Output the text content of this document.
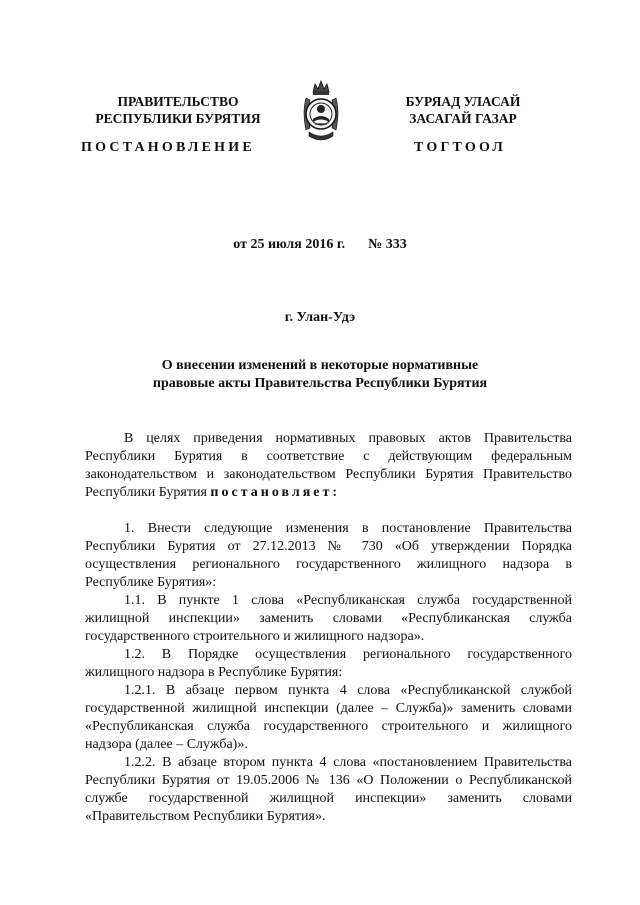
ПРАВИТЕЛЬСТВО
РЕСПУБЛИКИ БУРЯТИЯ
БУРЯАД УЛАСАЙ
ЗАСАГАЙ ГАЗАР
ПОСТАНОВЛЕНИЕ	ТОГТООЛ
от 25 июля 2016 г. № 333
г. Улан-Удэ
О внесении изменений в некоторые нормативные
правовые акты Правительства Республики Бурятия

В целях приведения нормативных правовых актов Правительства Республики Бурятия в соответствие с действующим федеральным законодательством и законодательством Республики Бурятия Правительство Республики Бурятия постановляет:

1. Внести следующие изменения в постановление Правительства Республики Бурятия от 27.12.2013 № 730 «Об утверждении Порядка осуществления регионального государственного жилищного надзора в Республике Бурятия»:

1.1. В пункте 1 слова «Республиканская служба государственной жилищной инспекции» заменить словами «Республиканская служба государственного строительного и жилищного надзора».

1.2. В Порядке осуществления регионального государственного жилищного надзора в Республике Бурятия:

1.2.1. В абзаце первом пункта 4 слова «Республиканской службой государственной жилищной инспекции (далее – Служба)» заменить словами «Республиканская служба государственного строительного и жилищного надзора (далее – Служба)».

1.2.2. В абзаце втором пункта 4 слова «постановлением Правительства Республики Бурятия от 19.05.2006 № 136 «О Положении о Республиканской службе государственной жилищной инспекции» заменить словами «Правительством Республики Бурятия».
